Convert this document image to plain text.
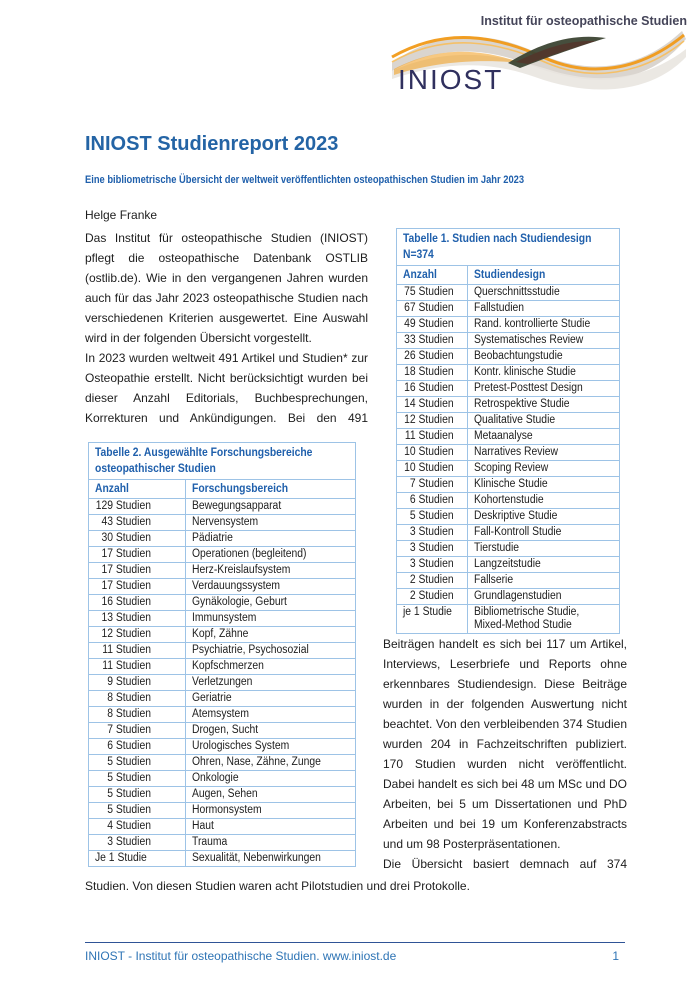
Institut für osteopathische Studien
INIOST
INIOST Studienreport 2023

Eine bibliometrische Übersicht der weltweit veröffentlichten osteopathischen Studien im Jahr 2023

Helge Franke

Das Institut für osteopathische Studien (INIOST) pflegt die osteopathische Datenbank OSTLIB (ostlib.de). Wie in den vergangenen Jahren wurden auch für das Jahr 2023 osteopathische Studien nach verschiedenen Kriterien ausgewertet. Eine Auswahl wird in der folgenden Übersicht vorgestellt.

In 2023 wurden weltweit 491 Artikel und Studien* zur Osteopathie erstellt. Nicht berücksichtigt wurden bei dieser Anzahl Editorials, Buchbesprechungen, Korrekturen und Ankündigungen. Bei den 491

Tabelle 2. Ausgewählte Forschungsbereiche
osteopathischer Studien	
Anzahl	Forschungsbereich
129 Studien	Bewegungsapparat
43 Studien	Nervensystem
30 Studien	Pädiatrie
17 Studien	Operationen (begleitend)
17 Studien	Herz-Kreislaufsystem
17 Studien	Verdauungssystem
16 Studien	Gynäkologie, Geburt
13 Studien	Immunsystem
12 Studien	Kopf, Zähne
11 Studien	Psychiatrie, Psychosozial
11 Studien	Kopfschmerzen
9 Studien	Verletzungen
8 Studien	Geriatrie
8 Studien	Atemsystem
7 Studien	Drogen, Sucht
6 Studien	Urologisches System
5 Studien	Ohren, Nase, Zähne, Zunge
5 Studien	Onkologie
5 Studien	Augen, Sehen
5 Studien	Hormonsystem
4 Studien	Haut
3 Studien	Trauma
Je 1 Studie	Sexualität, Nebenwirkungen
Tabelle 1. Studien nach Studiendesign
N=374	
Anzahl	Studiendesign
75 Studien	Querschnittsstudie
67 Studien	Fallstudien
49 Studien	Rand. kontrollierte Studie
33 Studien	Systematisches Review
26 Studien	Beobachtungstudie
18 Studien	Kontr. klinische Studie
16 Studien	Pretest-Posttest Design
14 Studien	Retrospektive Studie
12 Studien	Qualitative Studie
11 Studien	Metaanalyse
10 Studien	Narratives Review
10 Studien	Scoping Review
7 Studien	Klinische Studie
6 Studien	Kohortenstudie
5 Studien	Deskriptive Studie
3 Studien	Fall-Kontroll Studie
3 Studien	Tierstudie
3 Studien	Langzeitstudie
2 Studien	Fallserie
2 Studien	Grundlagenstudien
je 1 Studie	Bibliometrische Studie,
Mixed-Method Studie

Beiträgen handelt es sich bei 117 um Artikel, Interviews, Leserbriefe und Reports ohne erkennbares Studiendesign. Diese Beiträge wurden in der folgenden Auswertung nicht beachtet. Von den verbleibenden 374 Studien wurden 204 in Fachzeitschriften publiziert. 170 Studien wurden nicht veröffentlicht. Dabei handelt es sich bei 48 um MSc und DO Arbeiten, bei 5 um Dissertationen und PhD Arbeiten und bei 19 um Konferenzabstracts und um 98 Posterpräsentationen.

Die Übersicht basiert demnach auf 374

Studien. Von diesen Studien waren acht Pilotstudien und drei Protokolle.

INIOST - Institut für osteopathische Studien. www.iniost.de	1
